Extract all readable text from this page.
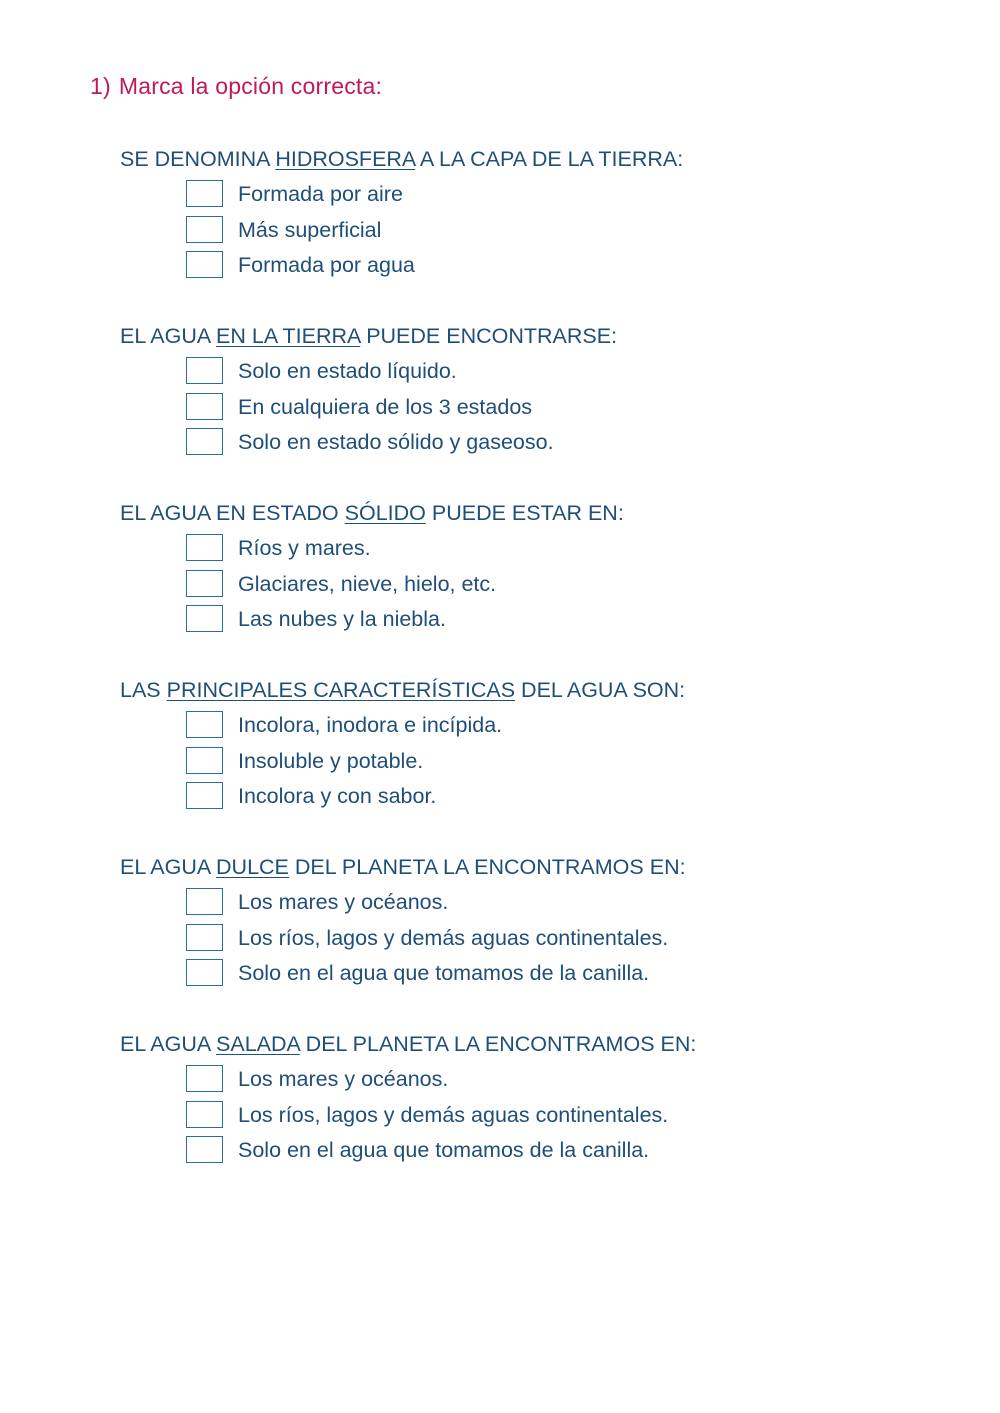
1) Marca la opción correcta:
SE DENOMINA HIDROSFERA A LA CAPA DE LA TIERRA:
Formada por aire
Más superficial
Formada por agua
EL AGUA EN LA TIERRA PUEDE ENCONTRARSE:
Solo en estado líquido.
En cualquiera de los 3 estados
Solo en estado sólido y gaseoso.
EL AGUA EN ESTADO SÓLIDO PUEDE ESTAR EN:
Ríos y mares.
Glaciares, nieve, hielo, etc.
Las nubes y la niebla.
LAS PRINCIPALES CARACTERÍSTICAS DEL AGUA SON:
Incolora, inodora e incípida.
Insoluble y potable.
Incolora y con sabor.
EL AGUA DULCE DEL PLANETA LA ENCONTRAMOS EN:
Los mares y océanos.
Los ríos, lagos y demás aguas continentales.
Solo en el agua que tomamos de la canilla.
EL AGUA SALADA DEL PLANETA LA ENCONTRAMOS EN:
Los mares y océanos.
Los ríos, lagos y demás aguas continentales.
Solo en el agua que tomamos de la canilla.
